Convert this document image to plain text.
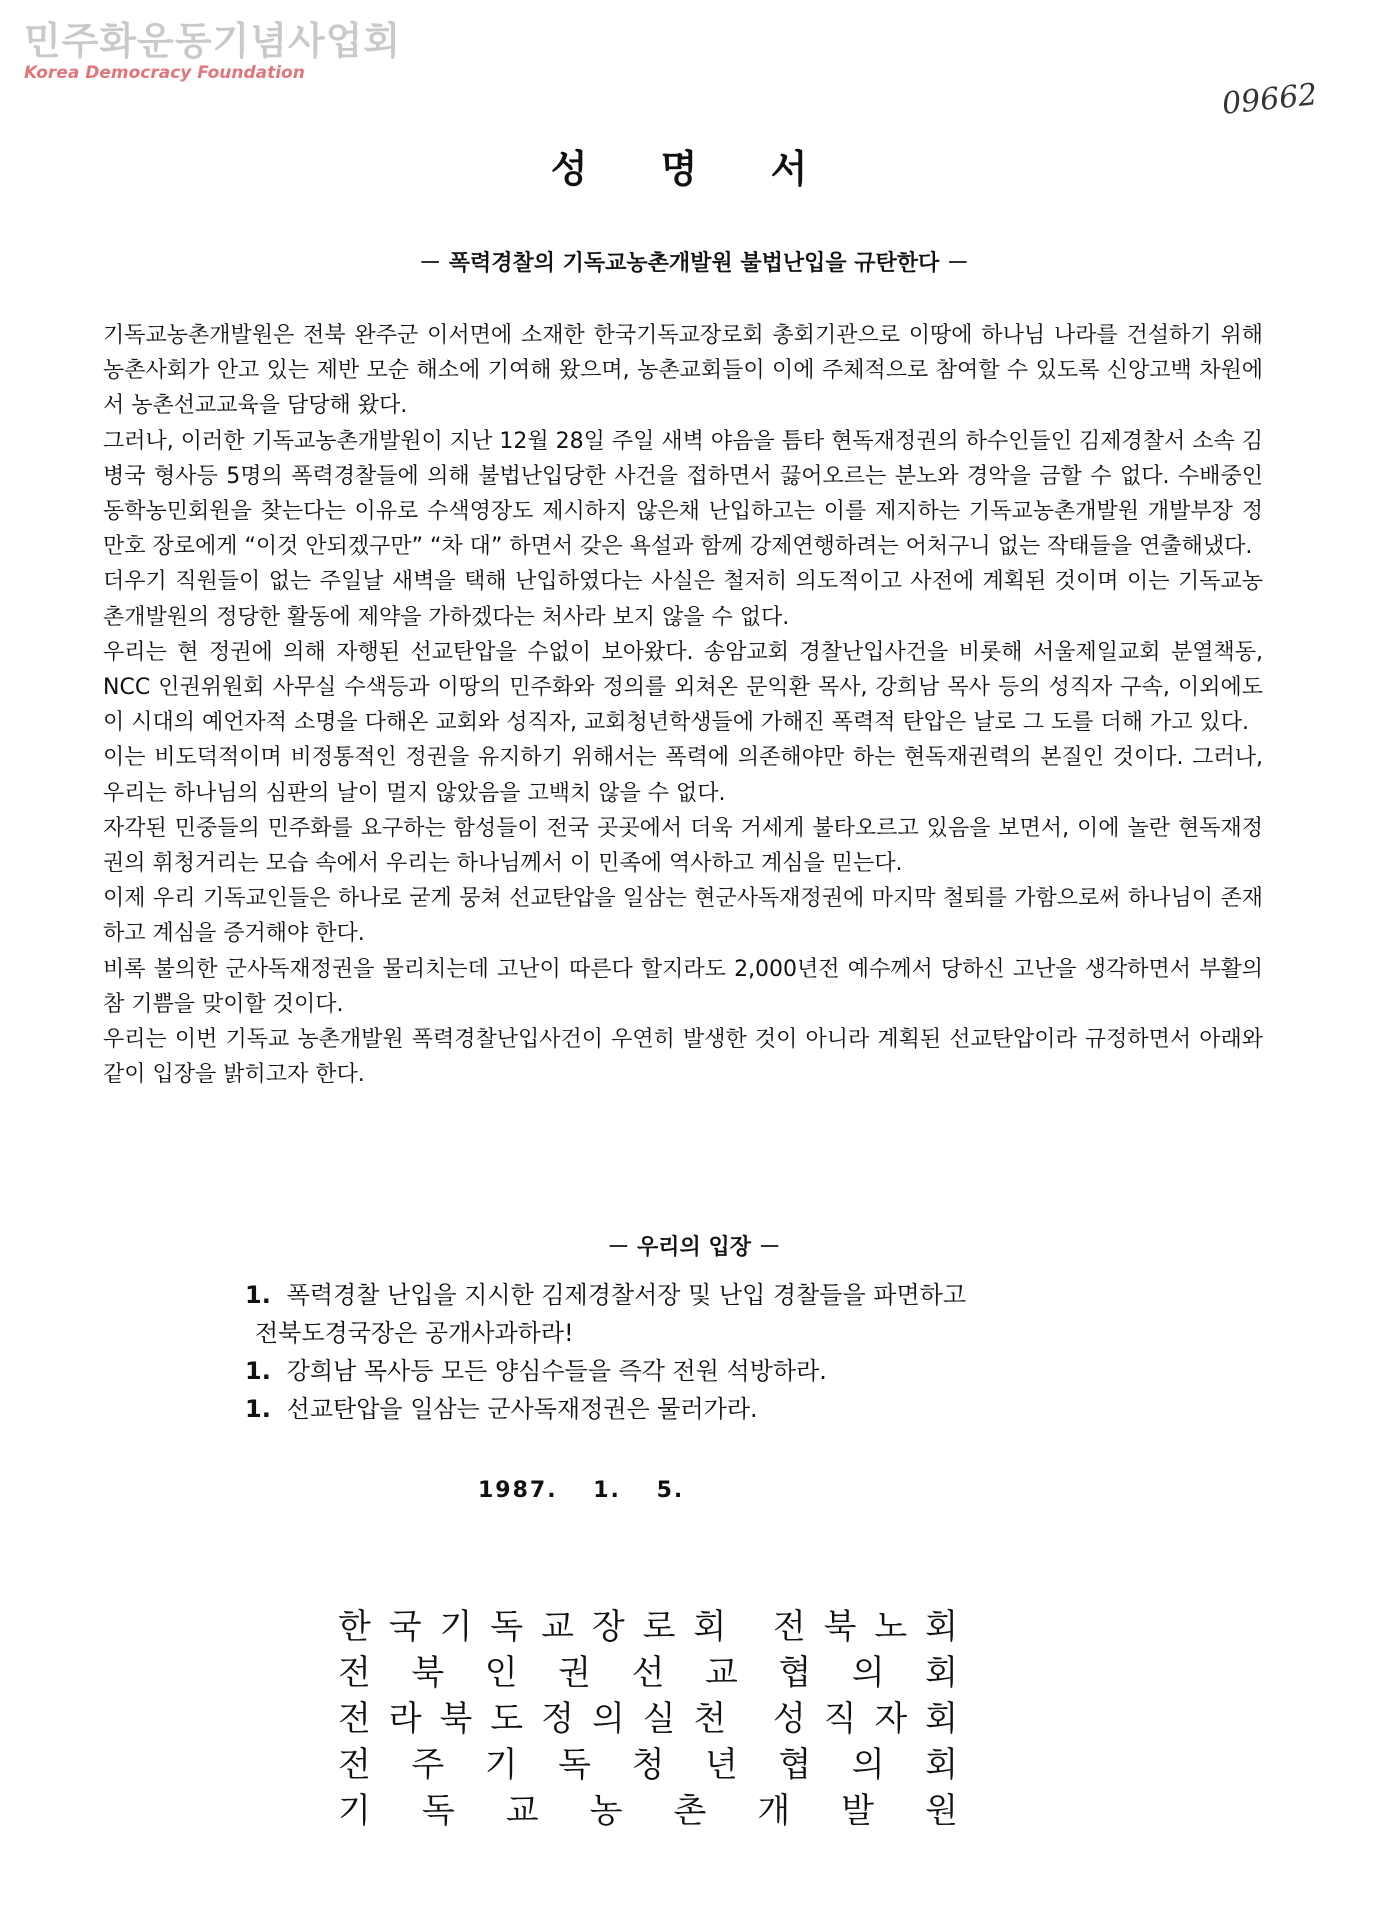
민주화운동기념사업회
Korea Democracy Foundation
09662
성 명 서
－ 폭력경찰의 기독교농촌개발원 불법난입을 규탄한다 －

기독교농촌개발원은 전북 완주군 이서면에 소재한 한국기독교장로회 총회기관으로 이땅에 하나님 나라를 건설하기 위해 농촌사회가 안고 있는 제반 모순 해소에 기여해 왔으며, 농촌교회들이 이에 주체적으로 참여할 수 있도록 신앙고백 차원에서 농촌선교교육을 담당해 왔다.

그러나, 이러한 기독교농촌개발원이 지난 12월 28일 주일 새벽 야음을 틈타 현독재정권의 하수인들인 김제경찰서 소속 김병국 형사등 5명의 폭력경찰들에 의해 불법난입당한 사건을 접하면서 끓어오르는 분노와 경악을 금할 수 없다. 수배중인 동학농민회원을 찾는다는 이유로 수색영장도 제시하지 않은채 난입하고는 이를 제지하는 기독교농촌개발원 개발부장 정만호 장로에게 “이것 안되겠구만” “차 대” 하면서 갖은 욕설과 함께 강제연행하려는 어처구니 없는 작태들을 연출해냈다.

더우기 직원들이 없는 주일날 새벽을 택해 난입하였다는 사실은 철저히 의도적이고 사전에 계획된 것이며 이는 기독교농촌개발원의 정당한 활동에 제약을 가하겠다는 처사라 보지 않을 수 없다.

우리는 현 정권에 의해 자행된 선교탄압을 수없이 보아왔다. 송암교회 경찰난입사건을 비롯해 서울제일교회 분열책동, NCC 인권위원회 사무실 수색등과 이땅의 민주화와 정의를 외쳐온 문익환 목사, 강희남 목사 등의 성직자 구속, 이외에도 이 시대의 예언자적 소명을 다해온 교회와 성직자, 교회청년학생들에 가해진 폭력적 탄압은 날로 그 도를 더해 가고 있다.

이는 비도덕적이며 비정통적인 정권을 유지하기 위해서는 폭력에 의존해야만 하는 현독재권력의 본질인 것이다. 그러나, 우리는 하나님의 심판의 날이 멀지 않았음을 고백치 않을 수 없다.

자각된 민중들의 민주화를 요구하는 함성들이 전국 곳곳에서 더욱 거세게 불타오르고 있음을 보면서, 이에 놀란 현독재정권의 휘청거리는 모습 속에서 우리는 하나님께서 이 민족에 역사하고 계심을 믿는다.

이제 우리 기독교인들은 하나로 굳게 뭉쳐 선교탄압을 일삼는 현군사독재정권에 마지막 철퇴를 가함으로써 하나님이 존재하고 계심을 증거해야 한다.

비록 불의한 군사독재정권을 물리치는데 고난이 따른다 할지라도 2,000년전 예수께서 당하신 고난을 생각하면서 부활의 참 기쁨을 맞이할 것이다.

우리는 이번 기독교 농촌개발원 폭력경찰난입사건이 우연히 발생한 것이 아니라 계획된 선교탄압이라 규정하면서 아래와 같이 입장을 밝히고자 한다.

－ 우리의 입장 －
1. 폭력경찰 난입을 지시한 김제경찰서장 및 난입 경찰들을 파면하고
전북도경국장은 공개사과하라!
1. 강희남 목사등 모든 양심수들을 즉각 전원 석방하라.
1. 선교탄압을 일삼는 군사독재정권은 물러가라.
1987. 1. 5.
한 국 기 독 교 장 로 회
전 북 노 회
전 북 인 권 선 교 협 의 회
전 라 북 도 정 의 실 천
성 직 자 회
전 주 기 독 청 년 협 의 회
기 독 교 농 촌 개 발 원
